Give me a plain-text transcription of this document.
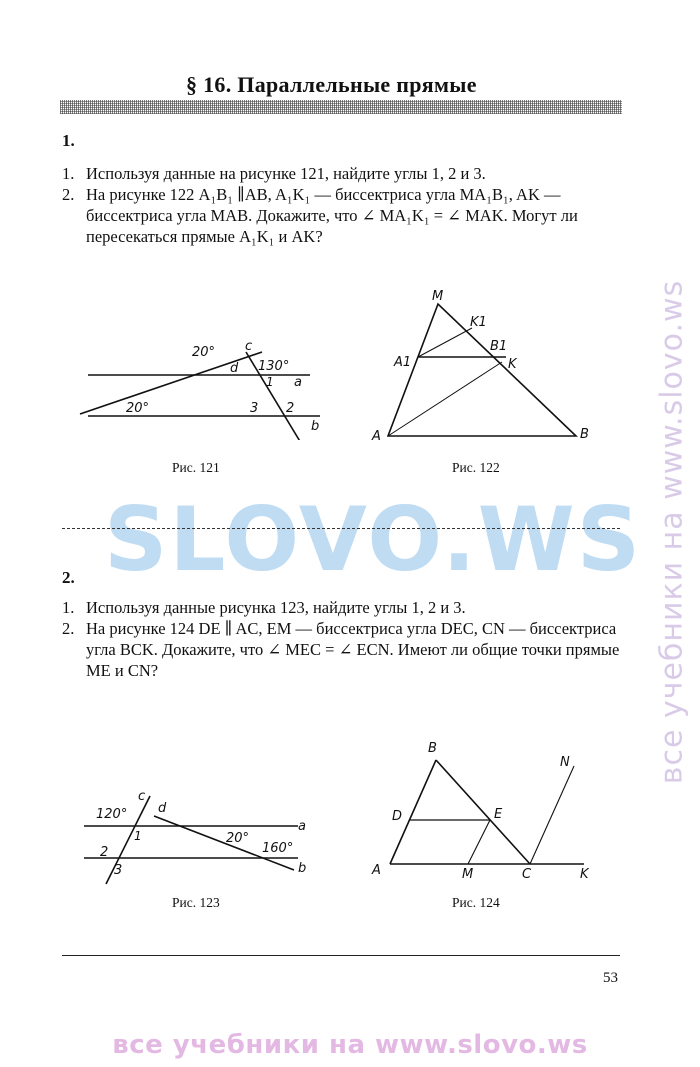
§ 16. Параллельные прямые
SLOVO.WS все учебники на www.slovo.ws
1.
1. Используя данные на рисунке 121, найдите углы 1, 2 и 3.
2. На рисунке 122 A₁B₁ ∥AB, A₁K₁ — биссектриса угла MA₁B₁, AK — биссектриса угла MAB. Докажите, что ∠ MA₁K₁ = ∠ MAK. Могут ли пересекаться прямые A₁K₁ и AK?
20° c
d 130°
1 a
20°	3 2
b
Рис. 121
M
K1
B1
A1	K
A	B
Рис. 122
2.
1. Используя данные рисунка 123, найдите углы 1, 2 и 3.
2. На рисунке 124 DE ∥ AC, EM — биссектриса угла DEC, CN — биссектриса угла BCK. Докажите, что ∠ MEC = ∠ ECN. Имеют ли общие точки прямые ME и CN?
c
d
120°
1	20°
a
2	160°
3	b
Рис. 123
B
N
D	E
A	M	C	K
Рис. 124
53
все учебники на www.slovo.ws
